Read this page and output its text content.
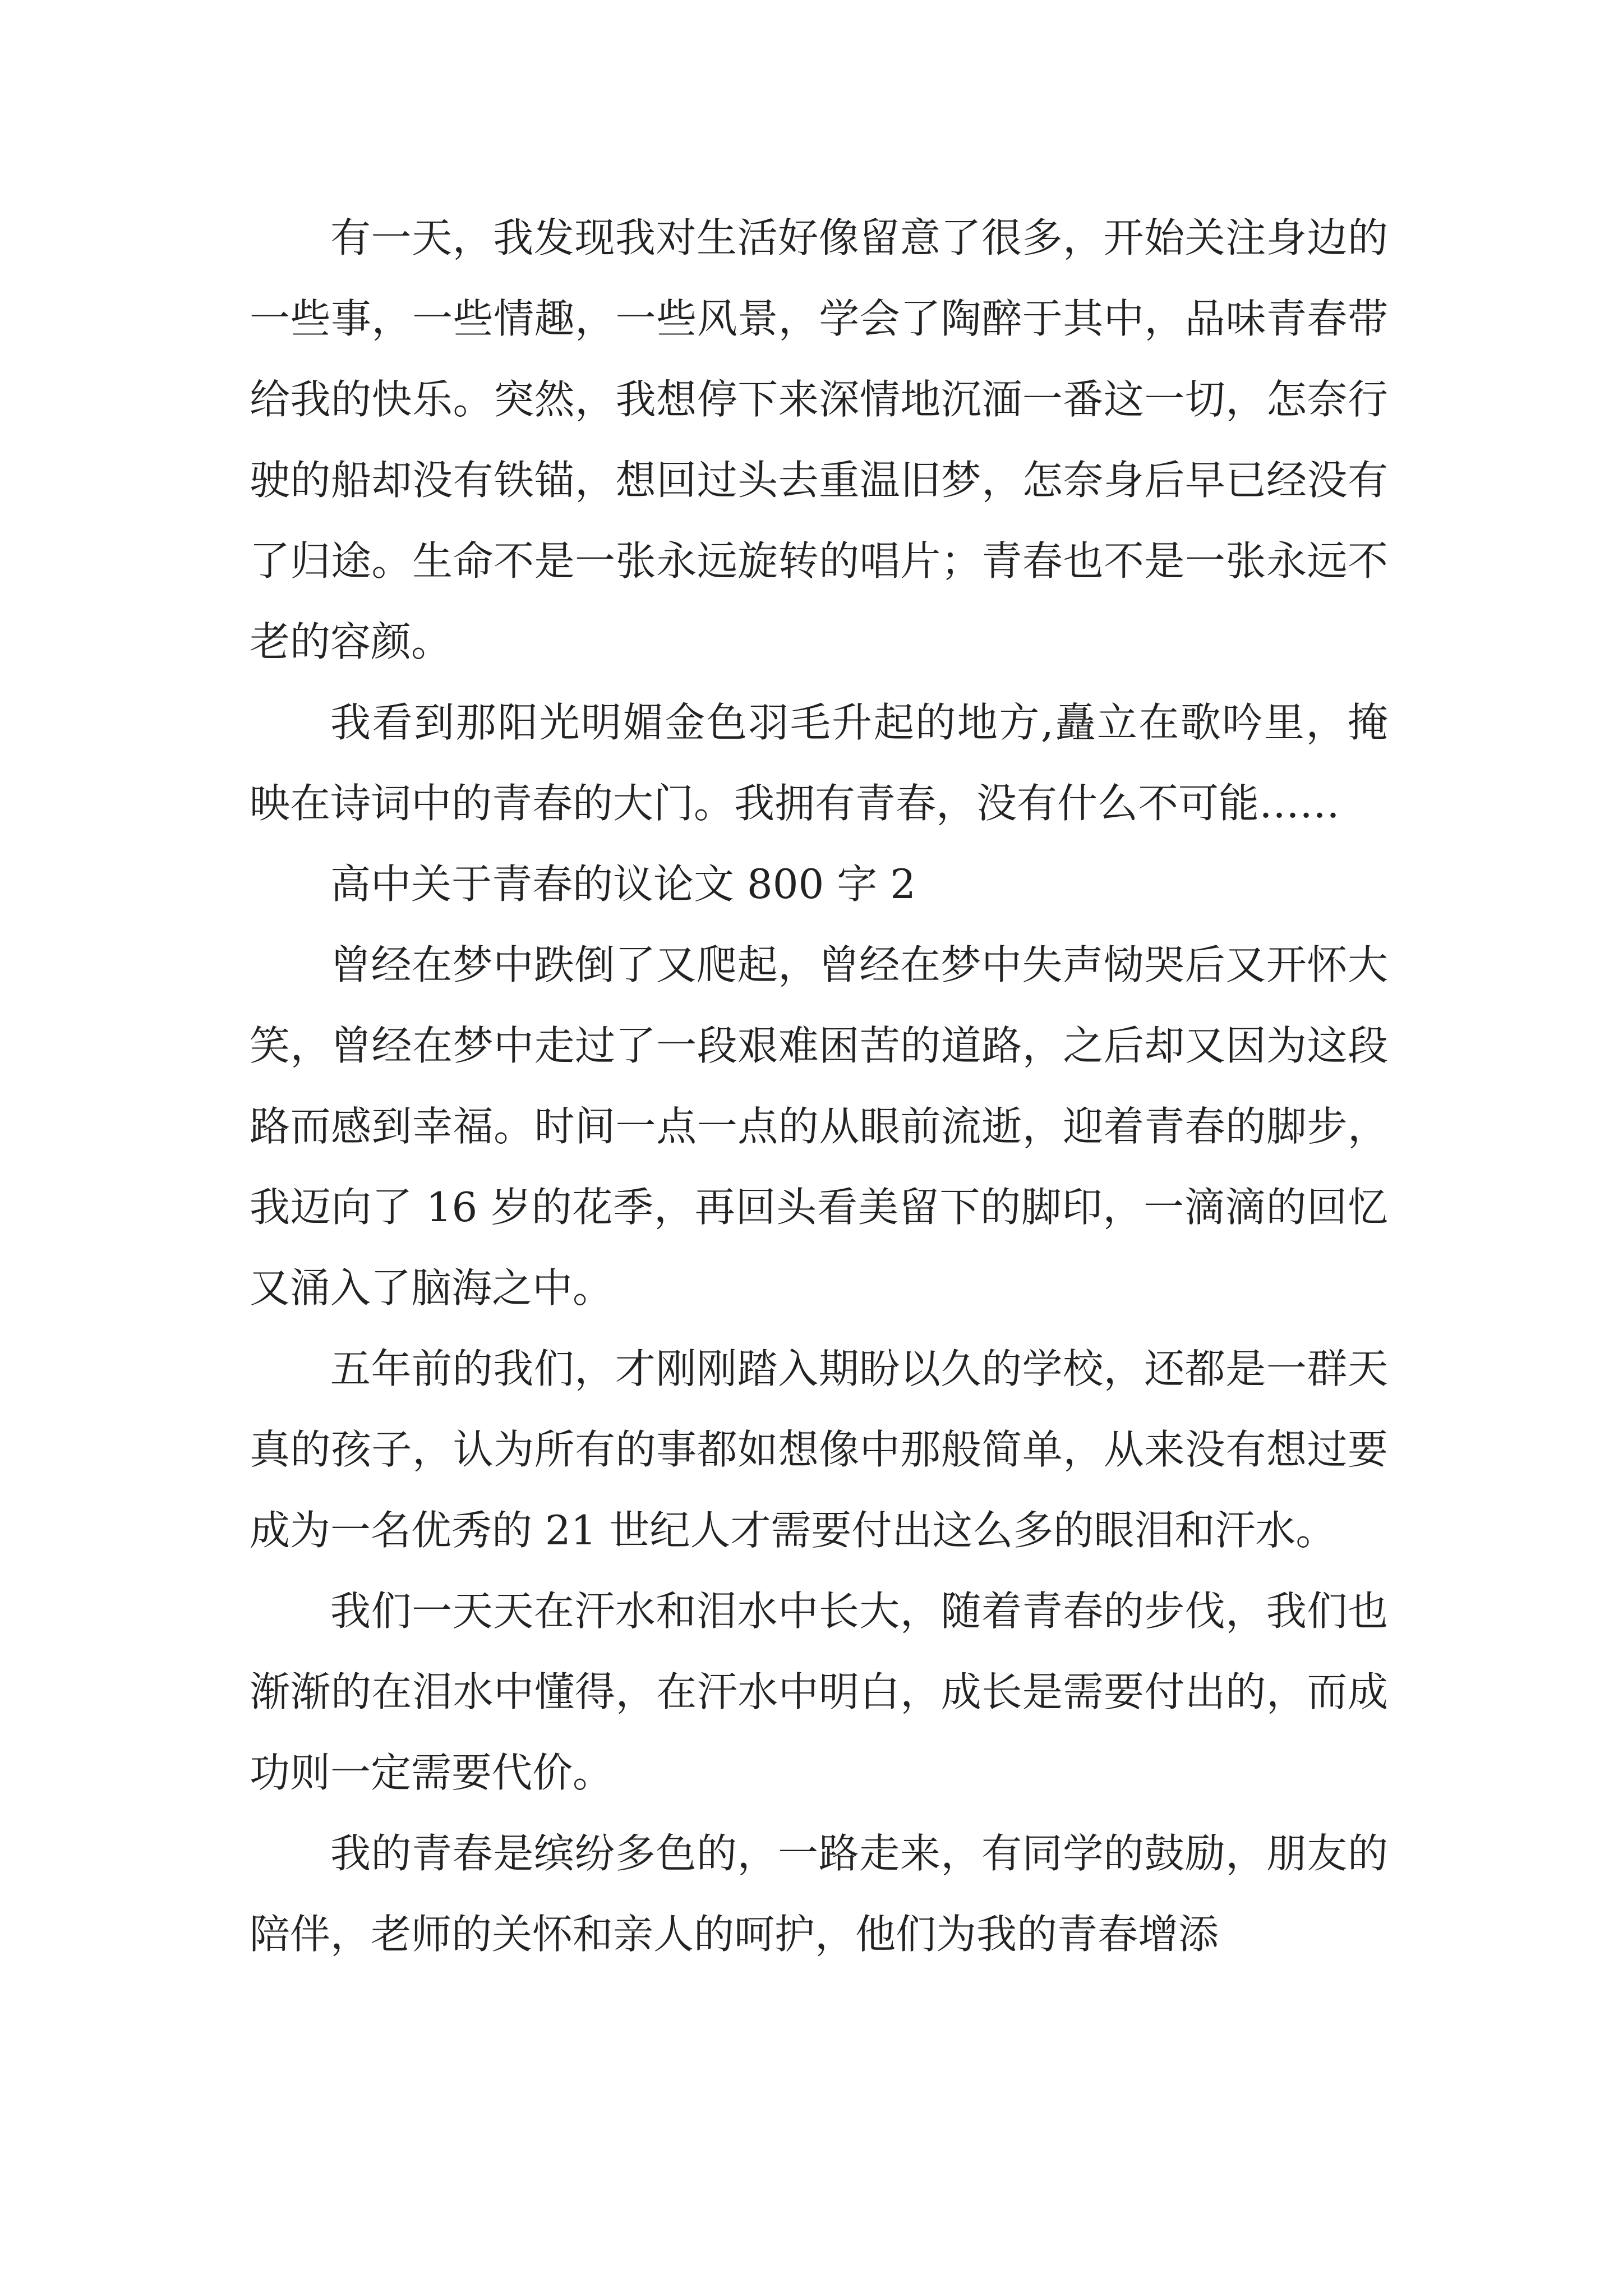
有一天，我发现我对生活好像留意了很多，开始关注身边的一些事，一些情趣，一些风景，学会了陶醉于其中，品味青春带给我的快乐。突然，我想停下来深情地沉湎一番这一切，怎奈行驶的船却没有铁锚，想回过头去重温旧梦，怎奈身后早已经没有了归途。生命不是一张永远旋转的唱片；青春也不是一张永远不老的容颜。

我看到那阳光明媚金色羽毛升起的地方,矗立在歌吟里，掩映在诗词中的青春的大门。我拥有青春，没有什么不可能……

高中关于青春的议论文 800 字 2

曾经在梦中跌倒了又爬起，曾经在梦中失声恸哭后又开怀大笑，曾经在梦中走过了一段艰难困苦的道路，之后却又因为这段路而感到幸福。时间一点一点的从眼前流逝，迎着青春的脚步，我迈向了 16 岁的花季，再回头看美留下的脚印，一滴滴的回忆又涌入了脑海之中。

五年前的我们，才刚刚踏入期盼以久的学校，还都是一群天真的孩子，认为所有的事都如想像中那般简单，从来没有想过要成为一名优秀的 21 世纪人才需要付出这么多的眼泪和汗水。

我们一天天在汗水和泪水中长大，随着青春的步伐，我们也渐渐的在泪水中懂得，在汗水中明白，成长是需要付出的，而成功则一定需要代价。

我的青春是缤纷多色的，一路走来，有同学的鼓励，朋友的陪伴，老师的关怀和亲人的呵护，他们为我的青春增添
